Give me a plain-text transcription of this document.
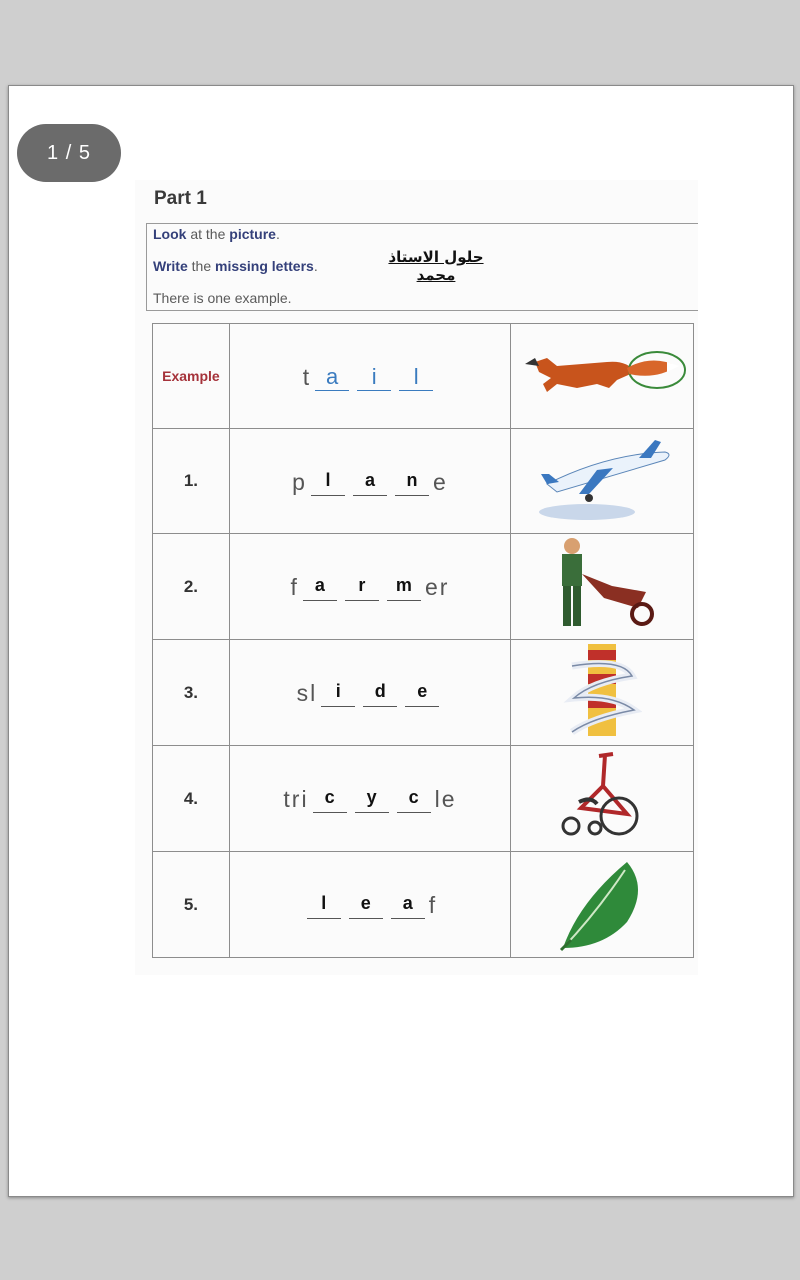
1 / 5
Part 1
Look at the picture.
Write the missing letters.
There is one example.
حلول الاستاذ محمد
Example	t a i l

1.	p l a n e	
2.	f a r m er	
3.	sl i d e

4.	tri c y c le	
5.	l e a f	
